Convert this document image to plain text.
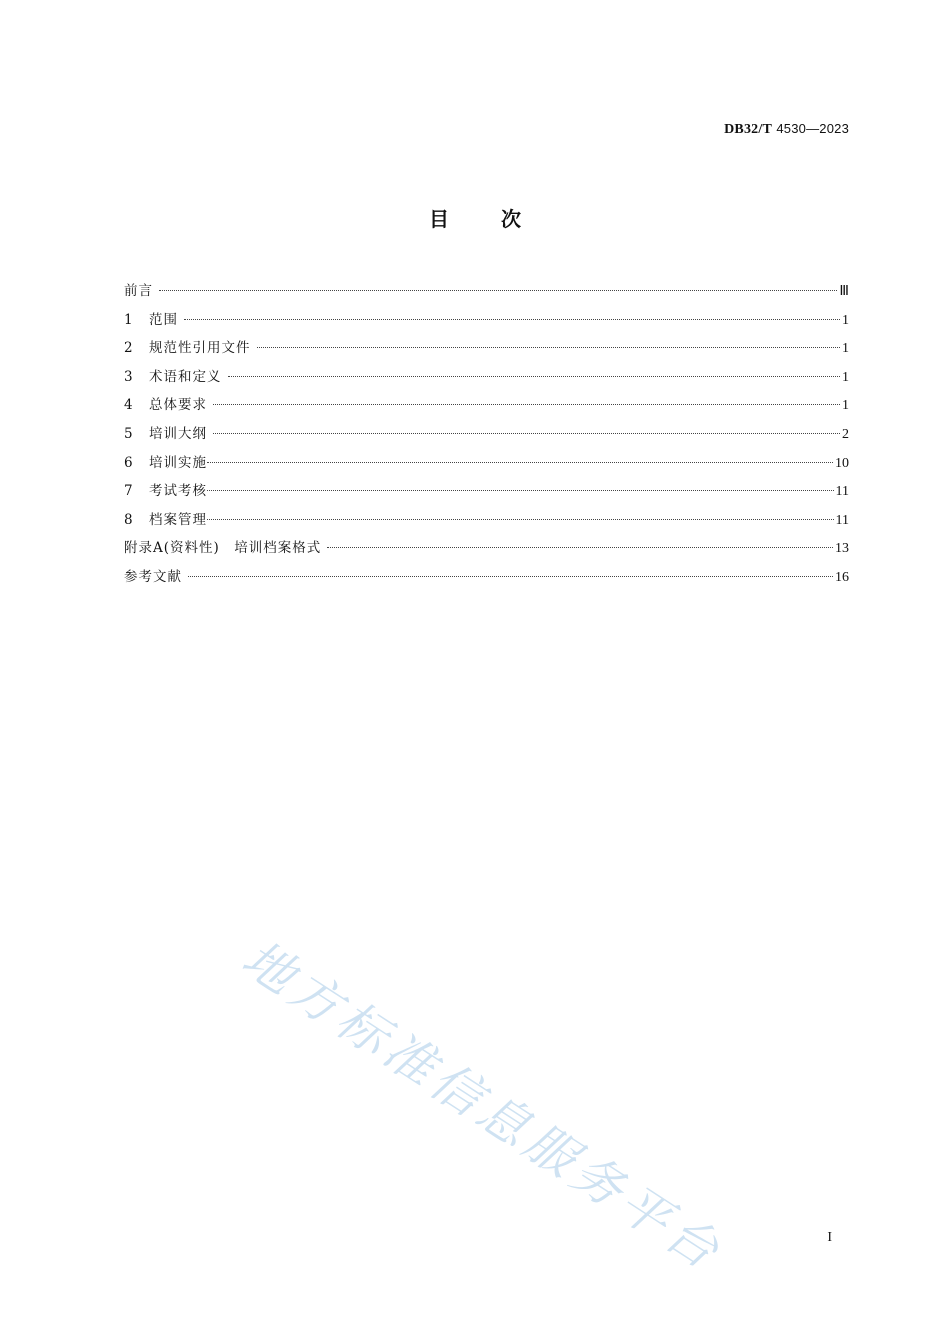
DB32/T 4530—2023
目	次
前言	Ⅲ
1	范围	1
2	规范性引用文件	1
3	术语和定义	1
4	总体要求	1
5	培训大纲	2
6	培训实施	10
7	考试考核	11
8	档案管理	11
附录A(资料性)　培训档案格式	13
参考文献	16
地方标准信息服务平台	I
